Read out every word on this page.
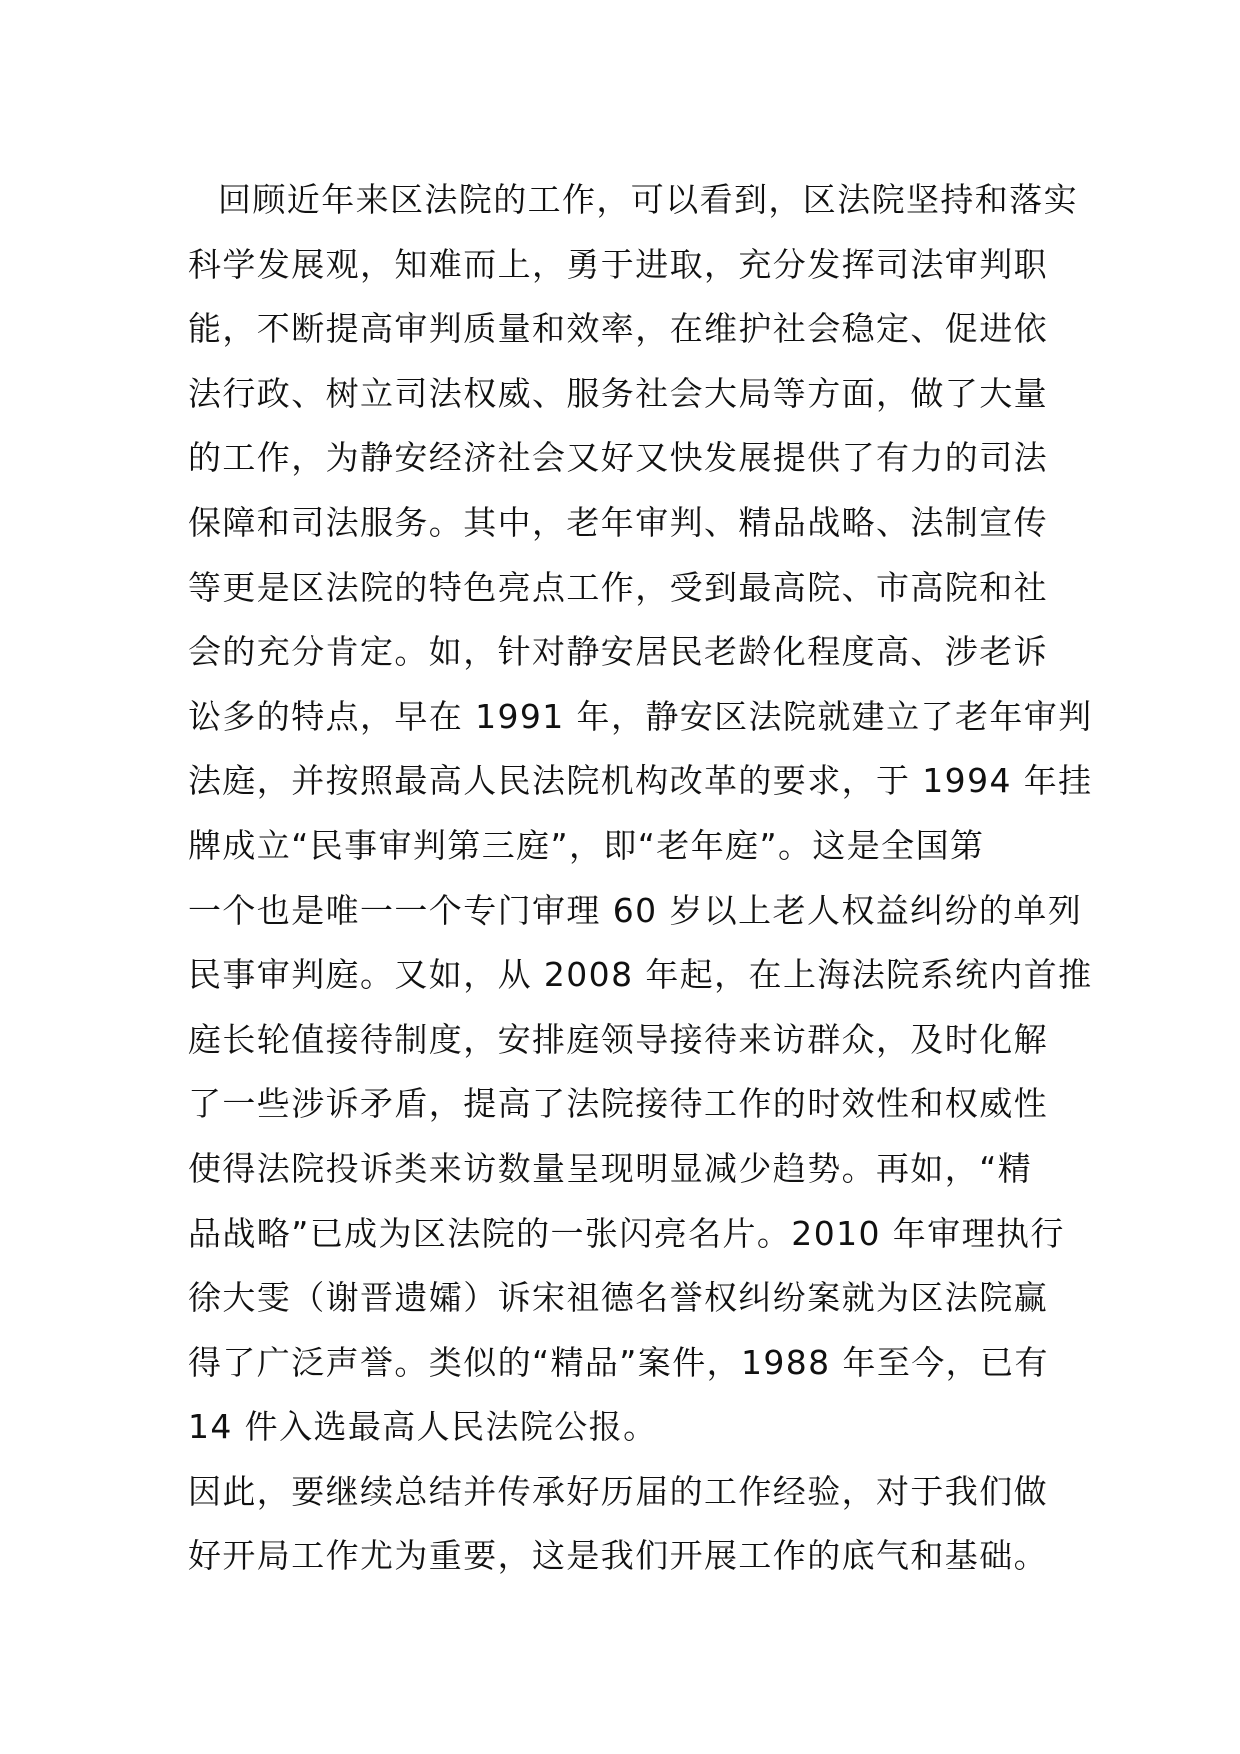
回顾近年来区法院的工作，可以看到，区法院坚持和落实
科学发展观，知难而上，勇于进取，充分发挥司法审判职
能，不断提高审判质量和效率，在维护社会稳定、促进依
法行政、树立司法权威、服务社会大局等方面，做了大量
的工作，为静安经济社会又好又快发展提供了有力的司法
保障和司法服务。其中，老年审判、精品战略、法制宣传
等更是区法院的特色亮点工作，受到最高院、市高院和社
会的充分肯定。如，针对静安居民老龄化程度高、涉老诉
讼多的特点，早在 1991 年，静安区法院就建立了老年审判
法庭，并按照最高人民法院机构改革的要求，于 1994 年挂
牌成立“民事审判第三庭”，即“老年庭”。这是全国第
一个也是唯一一个专门审理 60 岁以上老人权益纠纷的单列
民事审判庭。又如，从 2008 年起，在上海法院系统内首推
庭长轮值接待制度，安排庭领导接待来访群众，及时化解
了一些涉诉矛盾，提高了法院接待工作的时效性和权威性
使得法院投诉类来访数量呈现明显减少趋势。再如，“精
品战略”已成为区法院的一张闪亮名片。2010 年审理执行
徐大雯（谢晋遗孀）诉宋祖德名誉权纠纷案就为区法院赢
得了广泛声誉。类似的“精品”案件，1988 年至今，已有
14 件入选最高人民法院公报。
因此，要继续总结并传承好历届的工作经验，对于我们做
好开局工作尤为重要，这是我们开展工作的底气和基础。
